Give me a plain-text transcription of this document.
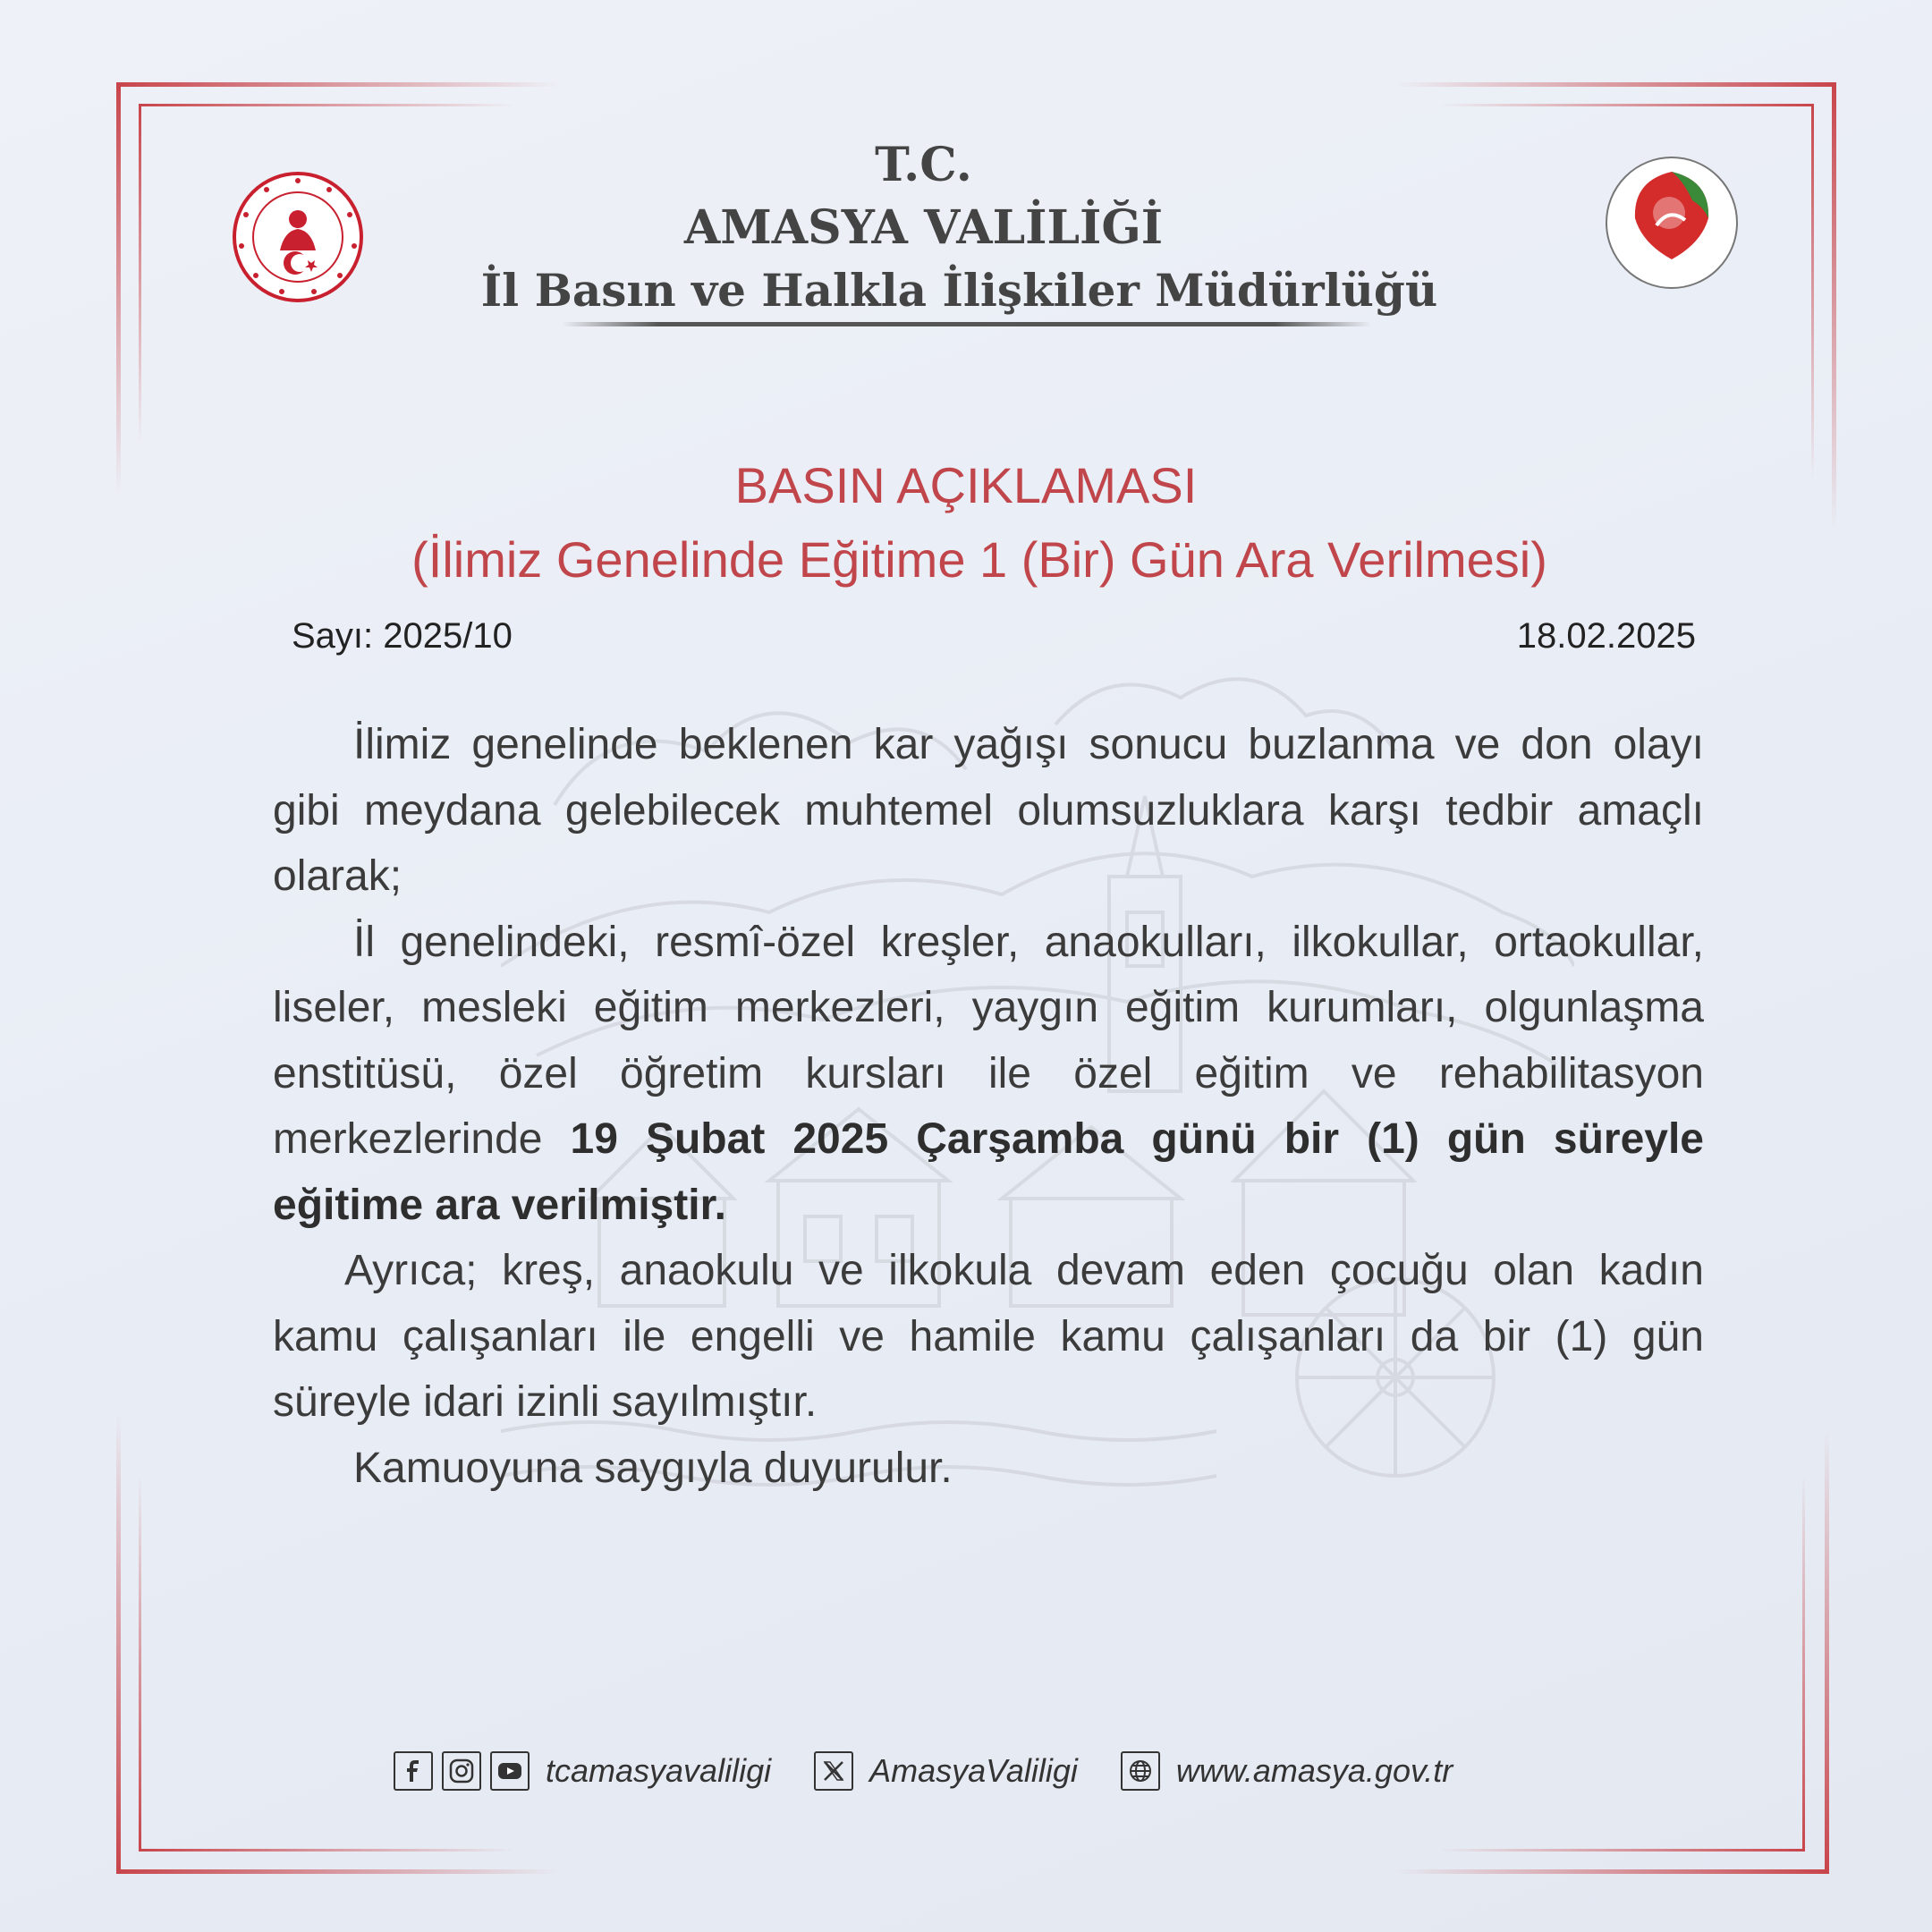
T.C.
AMASYA VALİLİĞİ
İl Basın ve Halkla İlişkiler Müdürlüğü
BASIN AÇIKLAMASI
(İlimiz Genelinde Eğitime 1 (Bir) Gün Ara Verilmesi)
Sayı: 2025/10	18.02.2025

İlimiz genelinde beklenen kar yağışı sonucu buzlanma ve don olayı gibi meydana gelebilecek muhtemel olumsuzluklara karşı tedbir amaçlı olarak;

İl genelindeki, resmî-özel kreşler, anaokulları, ilkokullar, ortaokullar, liseler, mesleki eğitim merkezleri, yaygın eğitim kurumları, olgunlaşma enstitüsü, özel öğretim kursları ile özel eğitim ve rehabilitasyon merkezlerinde 19 Şubat 2025 Çarşamba günü bir (1) gün süreyle eğitime ara verilmiştir.

Ayrıca; kreş, anaokulu ve ilkokula devam eden çocuğu olan kadın kamu çalışanları ile engelli ve hamile kamu çalışanları da bir (1) gün süreyle idari izinli sayılmıştır.

Kamuoyuna saygıyla duyurulur.

tcamasyavaliligi	AmasyaValiligi	www.amasya.gov.tr
